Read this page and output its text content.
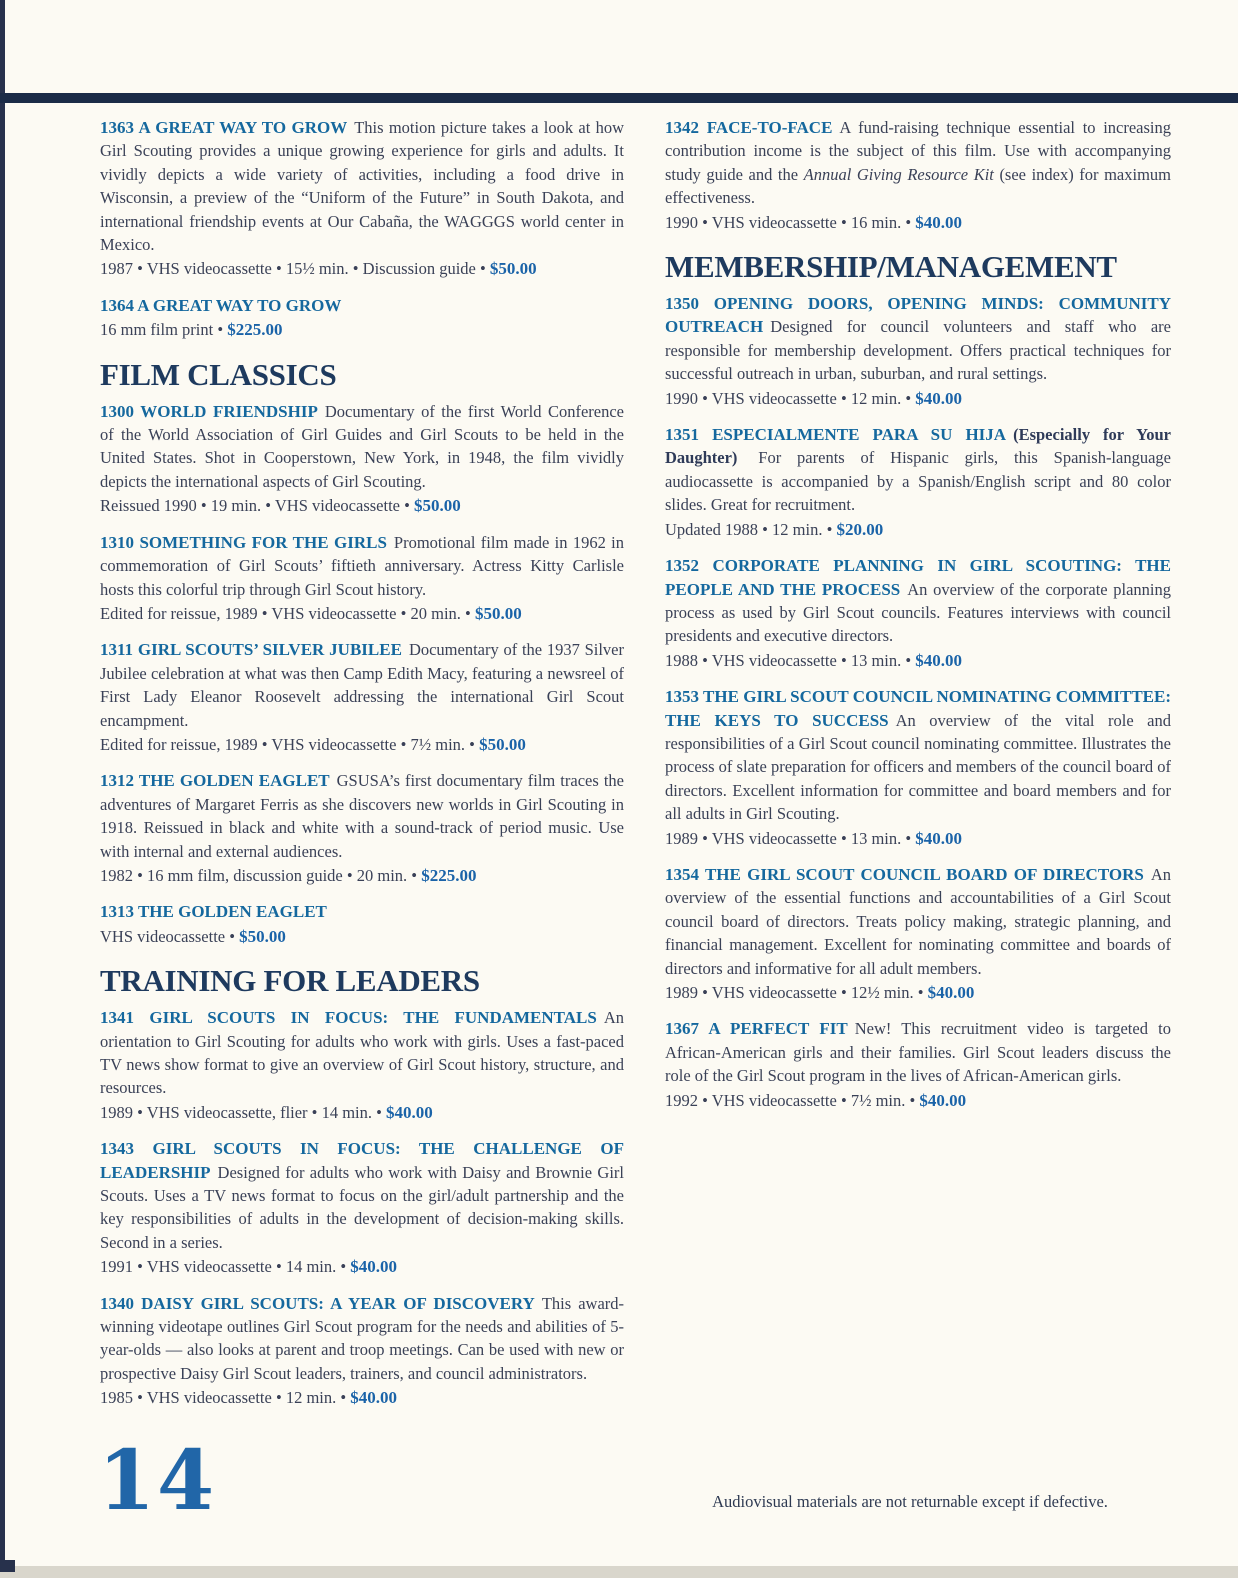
1363 A GREAT WAY TO GROW This motion picture takes a look at how Girl Scouting provides a unique growing experience for girls and adults. It vividly depicts a wide variety of activities, including a food drive in Wisconsin, a preview of the “Uniform of the Future” in South Dakota, and international friendship events at Our Cabaña, the WAGGGS world center in Mexico.
1987 • VHS videocassette • 15½ min. • Discussion guide • $50.00
1364 A GREAT WAY TO GROW
16 mm film print • $225.00
FILM CLASSICS
1300 WORLD FRIENDSHIP Documentary of the first World Conference of the World Association of Girl Guides and Girl Scouts to be held in the United States. Shot in Cooperstown, New York, in 1948, the film vividly depicts the international aspects of Girl Scouting.
Reissued 1990 • 19 min. • VHS videocassette • $50.00
1310 SOMETHING FOR THE GIRLS Promotional film made in 1962 in commemoration of Girl Scouts’ fiftieth anniversary. Actress Kitty Carlisle hosts this colorful trip through Girl Scout history.
Edited for reissue, 1989 • VHS videocassette • 20 min. • $50.00
1311 GIRL SCOUTS’ SILVER JUBILEE Documentary of the 1937 Silver Jubilee celebration at what was then Camp Edith Macy, featuring a newsreel of First Lady Eleanor Roosevelt addressing the international Girl Scout encampment.
Edited for reissue, 1989 • VHS videocassette • 7½ min. • $50.00
1312 THE GOLDEN EAGLET GSUSA’s first documentary film traces the adventures of Margaret Ferris as she discovers new worlds in Girl Scouting in 1918. Reissued in black and white with a sound-track of period music. Use with internal and external audiences.
1982 • 16 mm film, discussion guide • 20 min. • $225.00
1313 THE GOLDEN EAGLET
VHS videocassette • $50.00
TRAINING FOR LEADERS
1341 GIRL SCOUTS IN FOCUS: THE FUNDAMENTALS An orientation to Girl Scouting for adults who work with girls. Uses a fast-paced TV news show format to give an overview of Girl Scout history, structure, and resources.
1989 • VHS videocassette, flier • 14 min. • $40.00
1343 GIRL SCOUTS IN FOCUS: THE CHALLENGE OF LEADERSHIP Designed for adults who work with Daisy and Brownie Girl Scouts. Uses a TV news format to focus on the girl/adult partnership and the key responsibilities of adults in the development of decision-making skills. Second in a series.
1991 • VHS videocassette • 14 min. • $40.00
1340 DAISY GIRL SCOUTS: A YEAR OF DISCOVERY This award-winning videotape outlines Girl Scout program for the needs and abilities of 5-year-olds — also looks at parent and troop meetings. Can be used with new or prospective Daisy Girl Scout leaders, trainers, and council administrators.
1985 • VHS videocassette • 12 min. • $40.00
1342 FACE-TO-FACE A fund-raising technique essential to increasing contribution income is the subject of this film. Use with accompanying study guide and the Annual Giving Resource Kit (see index) for maximum effectiveness.
1990 • VHS videocassette • 16 min. • $40.00
MEMBERSHIP/MANAGEMENT
1350 OPENING DOORS, OPENING MINDS: COMMUNITY OUTREACH Designed for council volunteers and staff who are responsible for membership development. Offers practical techniques for successful outreach in urban, suburban, and rural settings.
1990 • VHS videocassette • 12 min. • $40.00
1351 ESPECIALMENTE PARA SU HIJA (Especially for Your Daughter) For parents of Hispanic girls, this Spanish-language audiocassette is accompanied by a Spanish/English script and 80 color slides. Great for recruitment.
Updated 1988 • 12 min. • $20.00
1352 CORPORATE PLANNING IN GIRL SCOUTING: THE PEOPLE AND THE PROCESS An overview of the corporate planning process as used by Girl Scout councils. Features interviews with council presidents and executive directors.
1988 • VHS videocassette • 13 min. • $40.00
1353 THE GIRL SCOUT COUNCIL NOMINATING COMMITTEE: THE KEYS TO SUCCESS An overview of the vital role and responsibilities of a Girl Scout council nominating committee. Illustrates the process of slate preparation for officers and members of the council board of directors. Excellent information for committee and board members and for all adults in Girl Scouting.
1989 • VHS videocassette • 13 min. • $40.00
1354 THE GIRL SCOUT COUNCIL BOARD OF DIRECTORS An overview of the essential functions and accountabilities of a Girl Scout council board of directors. Treats policy making, strategic planning, and financial management. Excellent for nominating committee and boards of directors and informative for all adult members.
1989 • VHS videocassette • 12½ min. • $40.00
1367 A PERFECT FIT New! This recruitment video is targeted to African-American girls and their families. Girl Scout leaders discuss the role of the Girl Scout program in the lives of African-American girls.
1992 • VHS videocassette • 7½ min. • $40.00
14	Audiovisual materials are not returnable except if defective.
